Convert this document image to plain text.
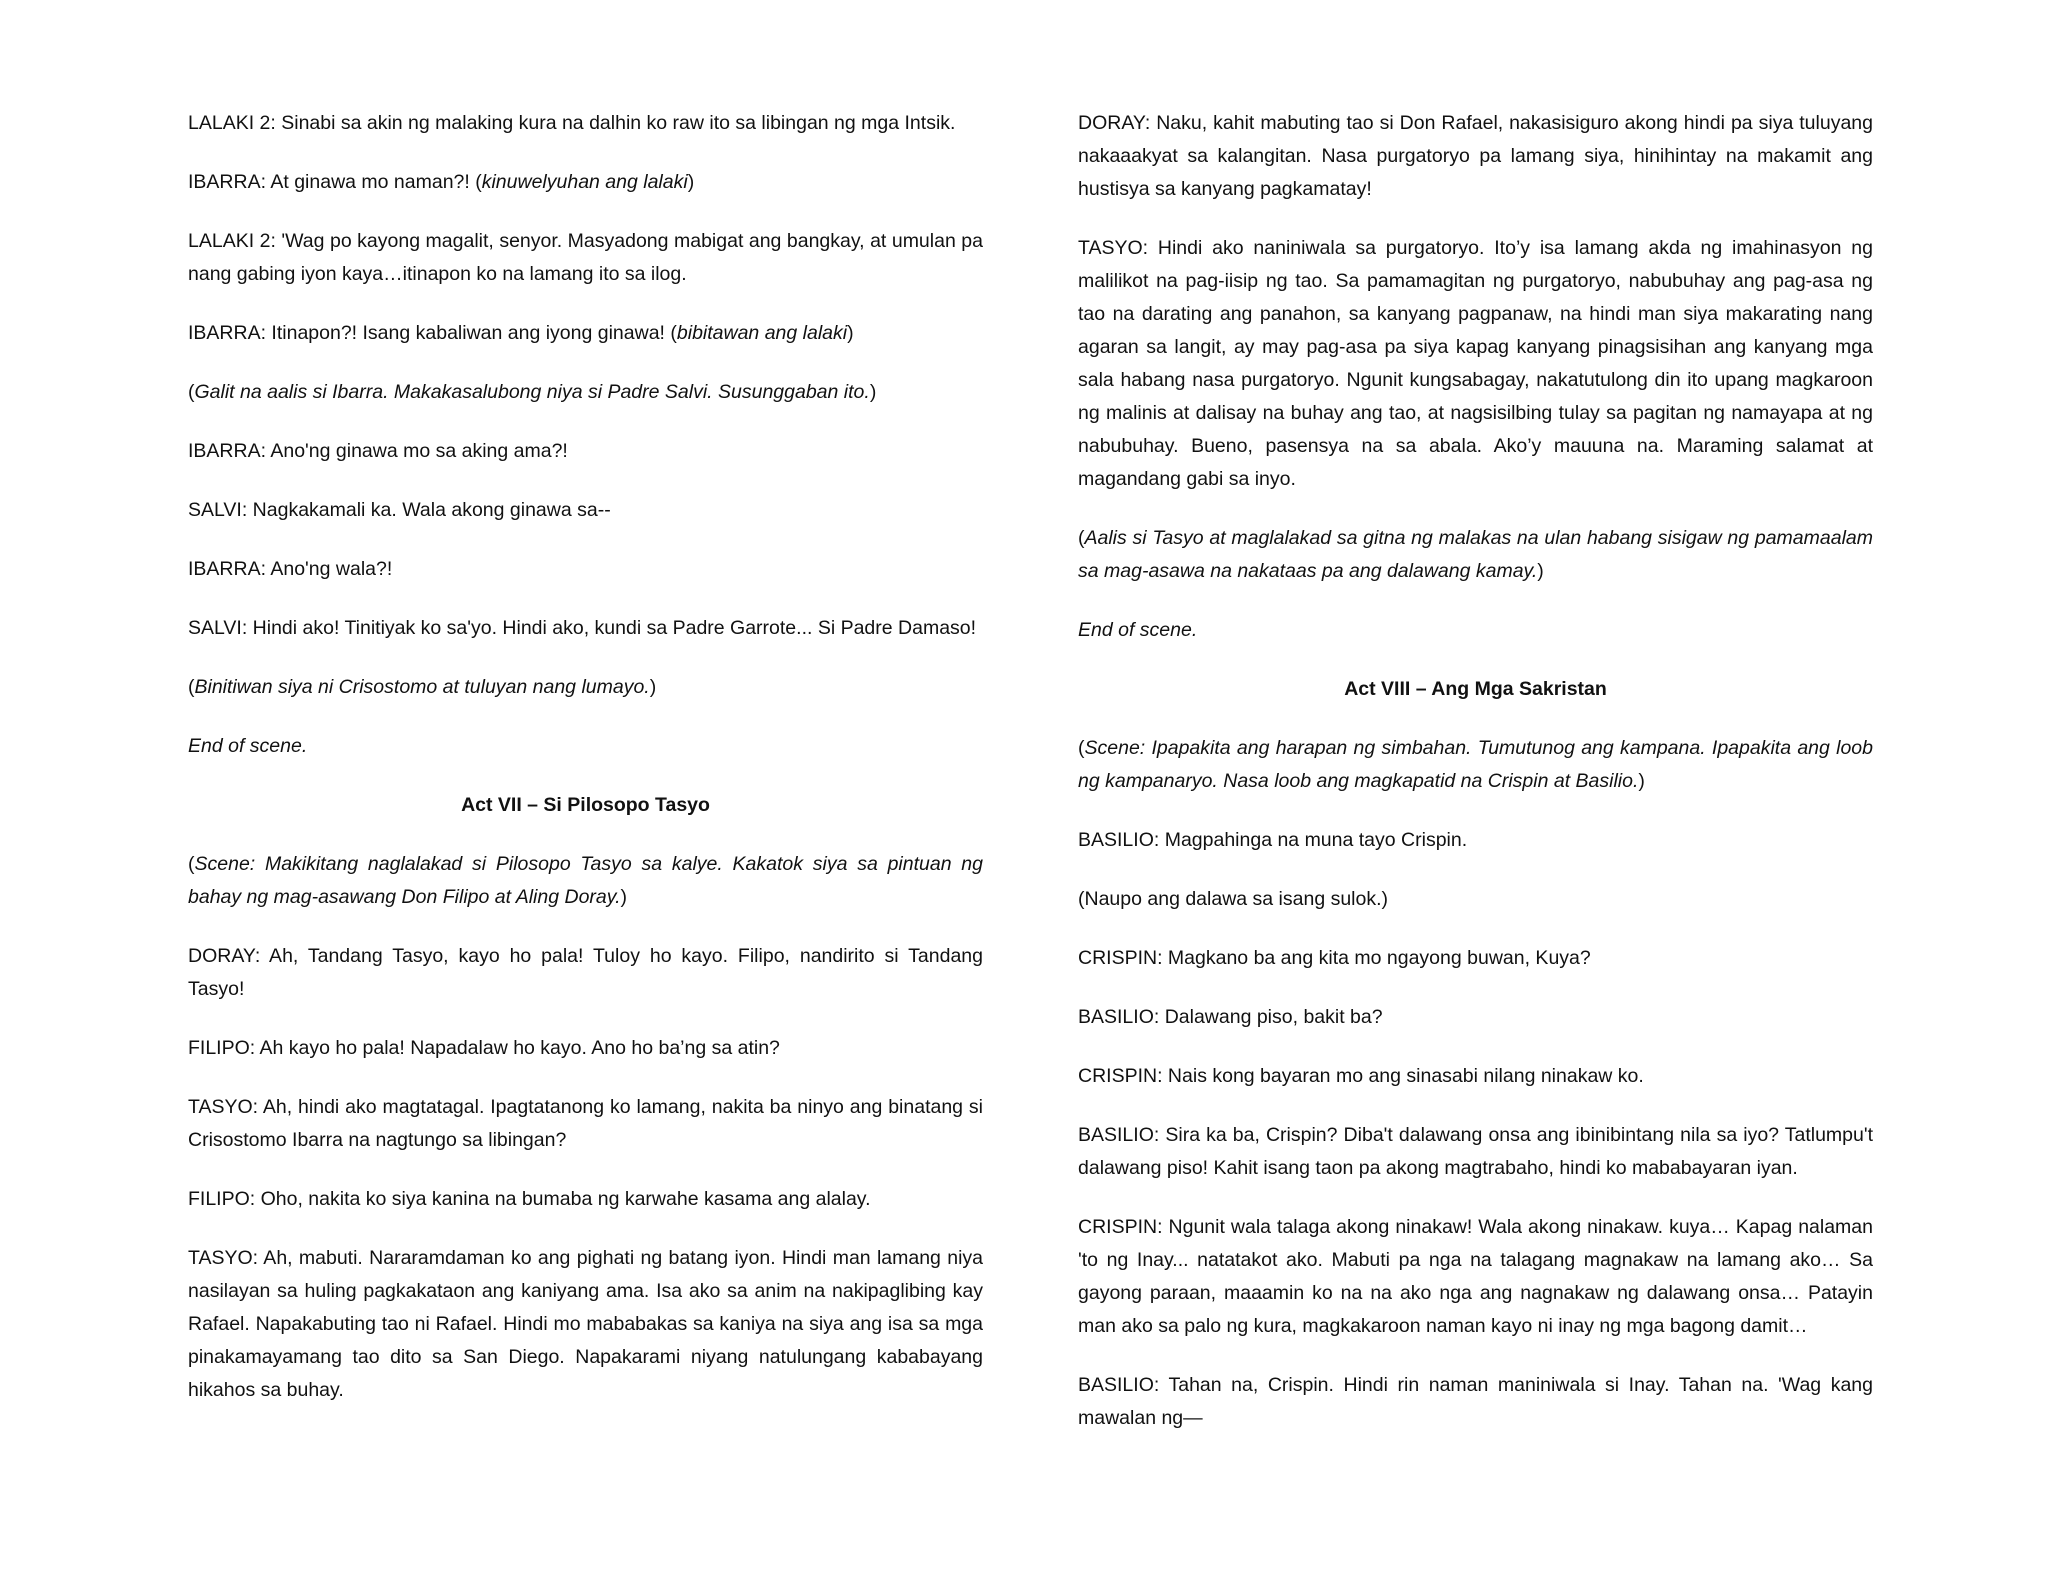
LALAKI 2: Sinabi sa akin ng malaking kura na dalhin ko raw ito sa libingan ng mga Intsik.

IBARRA: At ginawa mo naman?! (kinuwelyuhan ang lalaki)

LALAKI 2: 'Wag po kayong magalit, senyor. Masyadong mabigat ang bangkay, at umulan pa nang gabing iyon kaya…itinapon ko na lamang ito sa ilog.

IBARRA: Itinapon?! Isang kabaliwan ang iyong ginawa! (bibitawan ang lalaki)

(Galit na aalis si Ibarra. Makakasalubong niya si Padre Salvi. Susunggaban ito.)

IBARRA: Ano'ng ginawa mo sa aking ama?!

SALVI: Nagkakamali ka. Wala akong ginawa sa--

IBARRA: Ano'ng wala?!

SALVI: Hindi ako! Tinitiyak ko sa'yo. Hindi ako, kundi sa Padre Garrote... Si Padre Damaso!

(Binitiwan siya ni Crisostomo at tuluyan nang lumayo.)

End of scene.

Act VII – Si Pilosopo Tasyo

(Scene: Makikitang naglalakad si Pilosopo Tasyo sa kalye. Kakatok siya sa pintuan ng bahay ng mag-asawang Don Filipo at Aling Doray.)

DORAY: Ah, Tandang Tasyo, kayo ho pala! Tuloy ho kayo. Filipo, nandirito si Tandang Tasyo!

FILIPO: Ah kayo ho pala! Napadalaw ho kayo. Ano ho ba’ng sa atin?

TASYO: Ah, hindi ako magtatagal. Ipagtatanong ko lamang, nakita ba ninyo ang binatang si Crisostomo Ibarra na nagtungo sa libingan?

FILIPO: Oho, nakita ko siya kanina na bumaba ng karwahe kasama ang alalay.

TASYO: Ah, mabuti. Nararamdaman ko ang pighati ng batang iyon. Hindi man lamang niya nasilayan sa huling pagkakataon ang kaniyang ama. Isa ako sa anim na nakipaglibing kay Rafael. Napakabuting tao ni Rafael. Hindi mo mababakas sa kaniya na siya ang isa sa mga pinakamayamang tao dito sa San Diego. Napakarami niyang natulungang kababayang hikahos sa buhay.

DORAY: Naku, kahit mabuting tao si Don Rafael, nakasisiguro akong hindi pa siya tuluyang nakaaakyat sa kalangitan. Nasa purgatoryo pa lamang siya, hinihintay na makamit ang hustisya sa kanyang pagkamatay!

TASYO: Hindi ako naniniwala sa purgatoryo. Ito’y isa lamang akda ng imahinasyon ng malilikot na pag-iisip ng tao. Sa pamamagitan ng purgatoryo, nabubuhay ang pag-asa ng tao na darating ang panahon, sa kanyang pagpanaw, na hindi man siya makarating nang agaran sa langit, ay may pag-asa pa siya kapag kanyang pinagsisihan ang kanyang mga sala habang nasa purgatoryo. Ngunit kungsabagay, nakatutulong din ito upang magkaroon ng malinis at dalisay na buhay ang tao, at nagsisilbing tulay sa pagitan ng namayapa at ng nabubuhay. Bueno, pasensya na sa abala. Ako’y mauuna na. Maraming salamat at magandang gabi sa inyo.

(Aalis si Tasyo at maglalakad sa gitna ng malakas na ulan habang sisigaw ng pamamaalam sa mag-asawa na nakataas pa ang dalawang kamay.)

End of scene.

Act VIII – Ang Mga Sakristan

(Scene: Ipapakita ang harapan ng simbahan. Tumutunog ang kampana. Ipapakita ang loob ng kampanaryo. Nasa loob ang magkapatid na Crispin at Basilio.)

BASILIO: Magpahinga na muna tayo Crispin.

(Naupo ang dalawa sa isang sulok.)

CRISPIN: Magkano ba ang kita mo ngayong buwan, Kuya?

BASILIO: Dalawang piso, bakit ba?

CRISPIN: Nais kong bayaran mo ang sinasabi nilang ninakaw ko.

BASILIO: Sira ka ba, Crispin? Diba't dalawang onsa ang ibinibintang nila sa iyo? Tatlumpu't dalawang piso! Kahit isang taon pa akong magtrabaho, hindi ko mababayaran iyan.

CRISPIN: Ngunit wala talaga akong ninakaw! Wala akong ninakaw. kuya… Kapag nalaman 'to ng Inay... natatakot ako. Mabuti pa nga na talagang magnakaw na lamang ako… Sa gayong paraan, maaamin ko na na ako nga ang nagnakaw ng dalawang onsa… Patayin man ako sa palo ng kura, magkakaroon naman kayo ni inay ng mga bagong damit…

BASILIO: Tahan na, Crispin. Hindi rin naman maniniwala si Inay. Tahan na. 'Wag kang mawalan ng—
